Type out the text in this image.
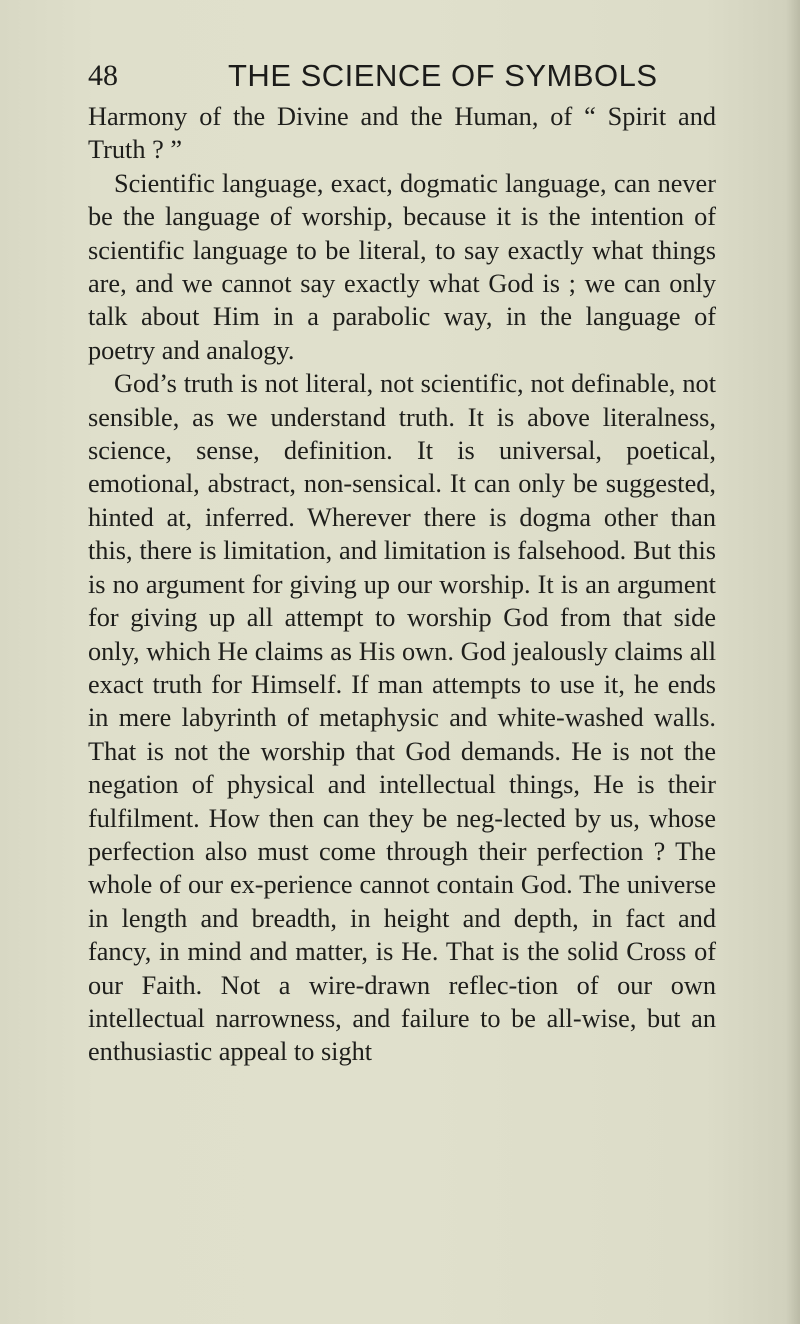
48	THE SCIENCE OF SYMBOLS

Harmony of the Divine and the Human, of “ Spirit and Truth ? ”

Scientific language, exact, dogmatic language, can never be the language of worship, because it is the intention of scientific language to be literal, to say exactly what things are, and we cannot say exactly what God is ; we can only talk about Him in a parabolic way, in the language of poetry and analogy.

God’s truth is not literal, not scientific, not definable, not sensible, as we understand truth. It is above literalness, science, sense, definition. It is universal, poetical, emotional, abstract, non-sensical. It can only be suggested, hinted at, inferred. Wherever there is dogma other than this, there is limitation, and limitation is falsehood. But this is no argument for giving up our worship. It is an argument for giving up all attempt to worship God from that side only, which He claims as His own. God jealously claims all exact truth for Himself. If man attempts to use it, he ends in mere labyrinth of metaphysic and white-washed walls. That is not the worship that God demands. He is not the negation of physical and intellectual things, He is their fulfilment. How then can they be neg-lected by us, whose perfection also must come through their perfection ? The whole of our ex-perience cannot contain God. The universe in length and breadth, in height and depth, in fact and fancy, in mind and matter, is He. That is the solid Cross of our Faith. Not a wire-drawn reflec-tion of our own intellectual narrowness, and failure to be all-wise, but an enthusiastic appeal to sight
